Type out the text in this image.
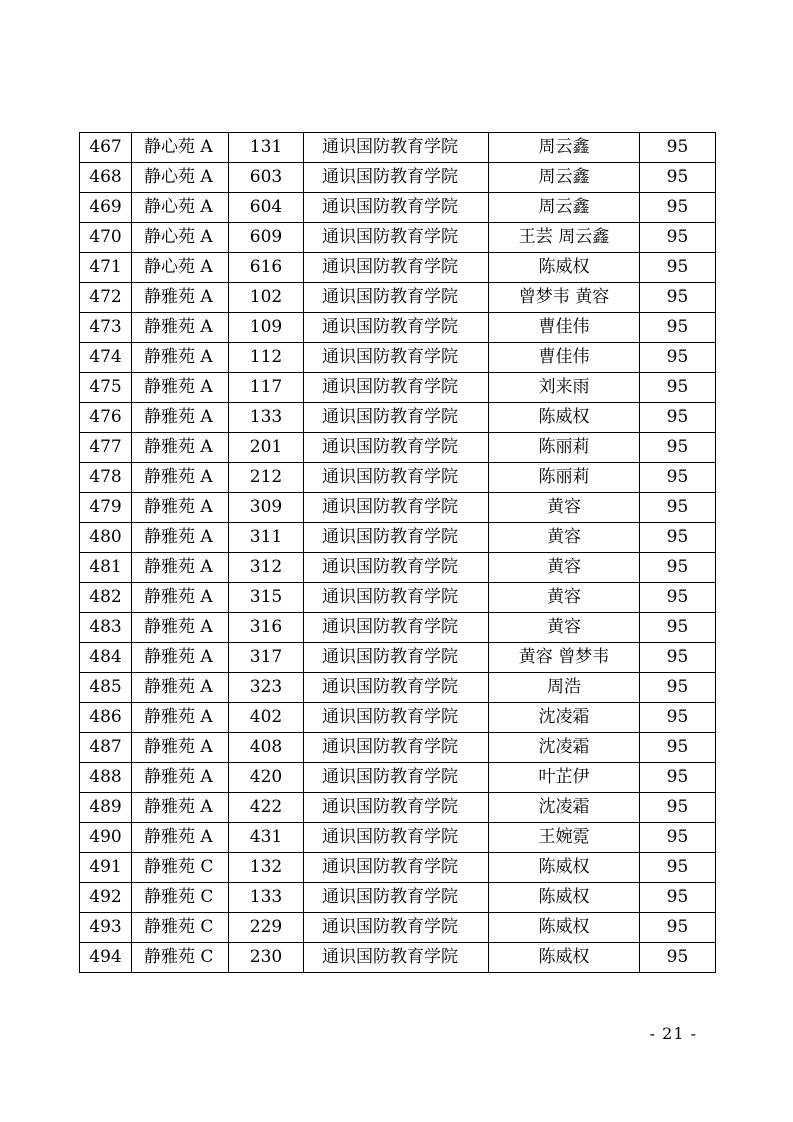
467	静心苑 A	131	通识国防教育学院	周云鑫	95
468	静心苑 A	603	通识国防教育学院	周云鑫	95
469	静心苑 A	604	通识国防教育学院	周云鑫	95
470	静心苑 A	609	通识国防教育学院	王芸 周云鑫	95
471	静心苑 A	616	通识国防教育学院	陈威权	95
472	静雅苑 A	102	通识国防教育学院	曾梦韦 黄容	95
473	静雅苑 A	109	通识国防教育学院	曹佳伟	95
474	静雅苑 A	112	通识国防教育学院	曹佳伟	95
475	静雅苑 A	117	通识国防教育学院	刘来雨	95
476	静雅苑 A	133	通识国防教育学院	陈威权	95
477	静雅苑 A	201	通识国防教育学院	陈丽莉	95
478	静雅苑 A	212	通识国防教育学院	陈丽莉	95
479	静雅苑 A	309	通识国防教育学院	黄容	95
480	静雅苑 A	311	通识国防教育学院	黄容	95
481	静雅苑 A	312	通识国防教育学院	黄容	95
482	静雅苑 A	315	通识国防教育学院	黄容	95
483	静雅苑 A	316	通识国防教育学院	黄容	95
484	静雅苑 A	317	通识国防教育学院	黄容 曾梦韦	95
485	静雅苑 A	323	通识国防教育学院	周浩	95
486	静雅苑 A	402	通识国防教育学院	沈凌霜	95
487	静雅苑 A	408	通识国防教育学院	沈凌霜	95
488	静雅苑 A	420	通识国防教育学院	叶芷伊	95
489	静雅苑 A	422	通识国防教育学院	沈凌霜	95
490	静雅苑 A	431	通识国防教育学院	王婉霓	95
491	静雅苑 C	132	通识国防教育学院	陈威权	95
492	静雅苑 C	133	通识国防教育学院	陈威权	95
493	静雅苑 C	229	通识国防教育学院	陈威权	95
494	静雅苑 C	230	通识国防教育学院	陈威权	95
- 21 -
